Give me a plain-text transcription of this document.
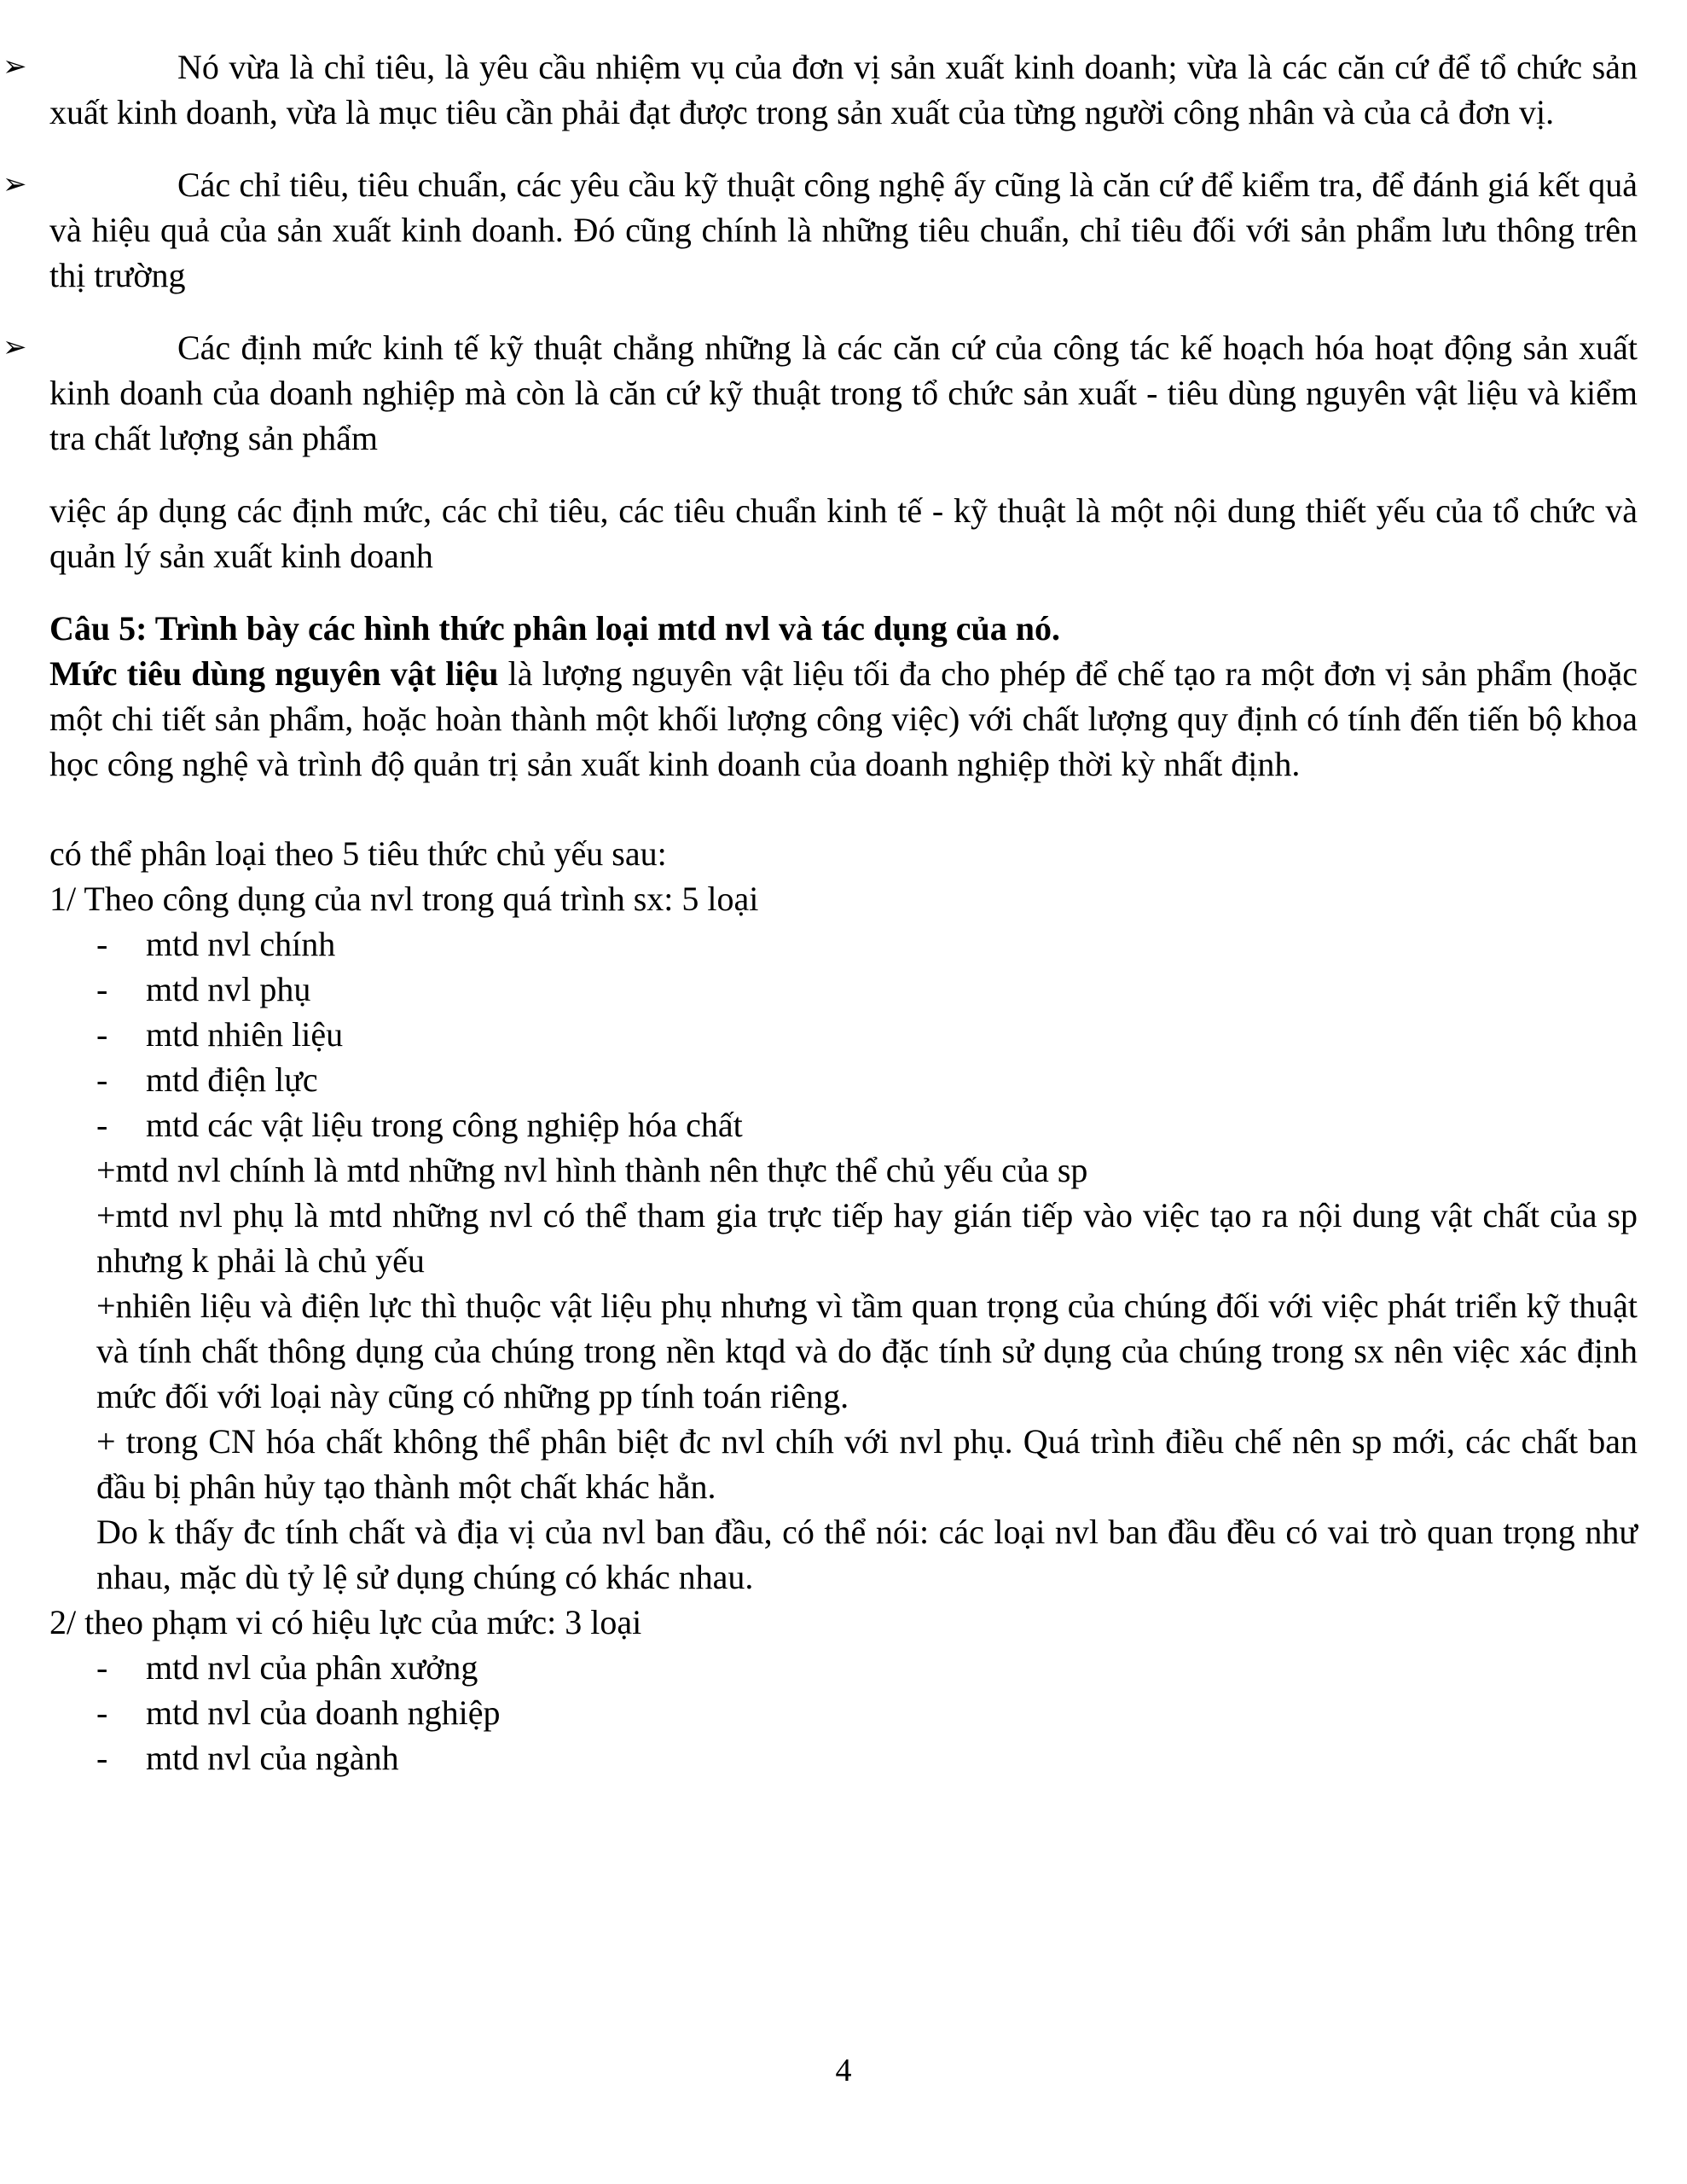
➢	Nó vừa là chỉ tiêu, là yêu cầu nhiệm vụ của đơn vị sản xuất kinh doanh; vừa là các căn cứ để tổ chức sản xuất kinh doanh, vừa là mục tiêu cần phải đạt được trong sản xuất của từng người công nhân và của cả đơn vị.
➢	Các chỉ tiêu, tiêu chuẩn, các yêu cầu kỹ thuật công nghệ ấy cũng là căn cứ để kiểm tra, để đánh giá kết quả và hiệu quả của sản xuất kinh doanh. Đó cũng chính là những tiêu chuẩn, chỉ tiêu đối với sản phẩm lưu thông trên thị trường
➢	Các định mức kinh tế kỹ thuật chẳng những là các căn cứ của công tác kế hoạch hóa hoạt động sản xuất kinh doanh của doanh nghiệp mà còn là căn cứ kỹ thuật trong tổ chức sản xuất - tiêu dùng nguyên vật liệu và kiểm tra chất lượng sản phẩm

việc áp dụng các định mức, các chỉ tiêu, các tiêu chuẩn kinh tế - kỹ thuật là một nội dung thiết yếu của tổ chức và quản lý sản xuất kinh doanh

Câu 5: Trình bày các hình thức phân loại mtd nvl và tác dụng của nó.

Mức tiêu dùng nguyên vật liệu là lượng nguyên vật liệu tối đa cho phép để chế tạo ra một đơn vị sản phẩm (hoặc một chi tiết sản phẩm, hoặc hoàn thành một khối lượng công việc) với chất lượng quy định có tính đến tiến bộ khoa học công nghệ và trình độ quản trị sản xuất kinh doanh của doanh nghiệp thời kỳ nhất định.

có thể phân loại theo 5 tiêu thức chủ yếu sau:

1/ Theo công dụng của nvl trong quá trình sx: 5 loại

- mtd nvl chính
- mtd nvl phụ
- mtd nhiên liệu
- mtd điện lực
- mtd các vật liệu trong công nghiệp hóa chất

+mtd nvl chính là mtd những nvl hình thành nên thực thể chủ yếu của sp

+mtd nvl phụ là mtd những nvl có thể tham gia trực tiếp hay gián tiếp vào việc tạo ra nội dung vật chất của sp nhưng k phải là chủ yếu

+nhiên liệu và điện lực thì thuộc vật liệu phụ nhưng vì tầm quan trọng của chúng đối với việc phát triển kỹ thuật và tính chất thông dụng của chúng trong nền ktqd và do đặc tính sử dụng của chúng trong sx nên việc xác định mức đối với loại này cũng có những pp tính toán riêng.

+ trong CN hóa chất không thể phân biệt đc nvl chíh với nvl phụ. Quá trình điều chế nên sp mới, các chất ban đầu bị phân hủy tạo thành một chất khác hẳn.

Do k thấy đc tính chất và địa vị của nvl ban đầu, có thể nói: các loại nvl ban đầu đều có vai trò quan trọng như nhau, mặc dù tỷ lệ sử dụng chúng có khác nhau.

2/ theo phạm vi có hiệu lực của mức: 3 loại

- mtd nvl của phân xưởng
- mtd nvl của doanh nghiệp
- mtd nvl của ngành
4
